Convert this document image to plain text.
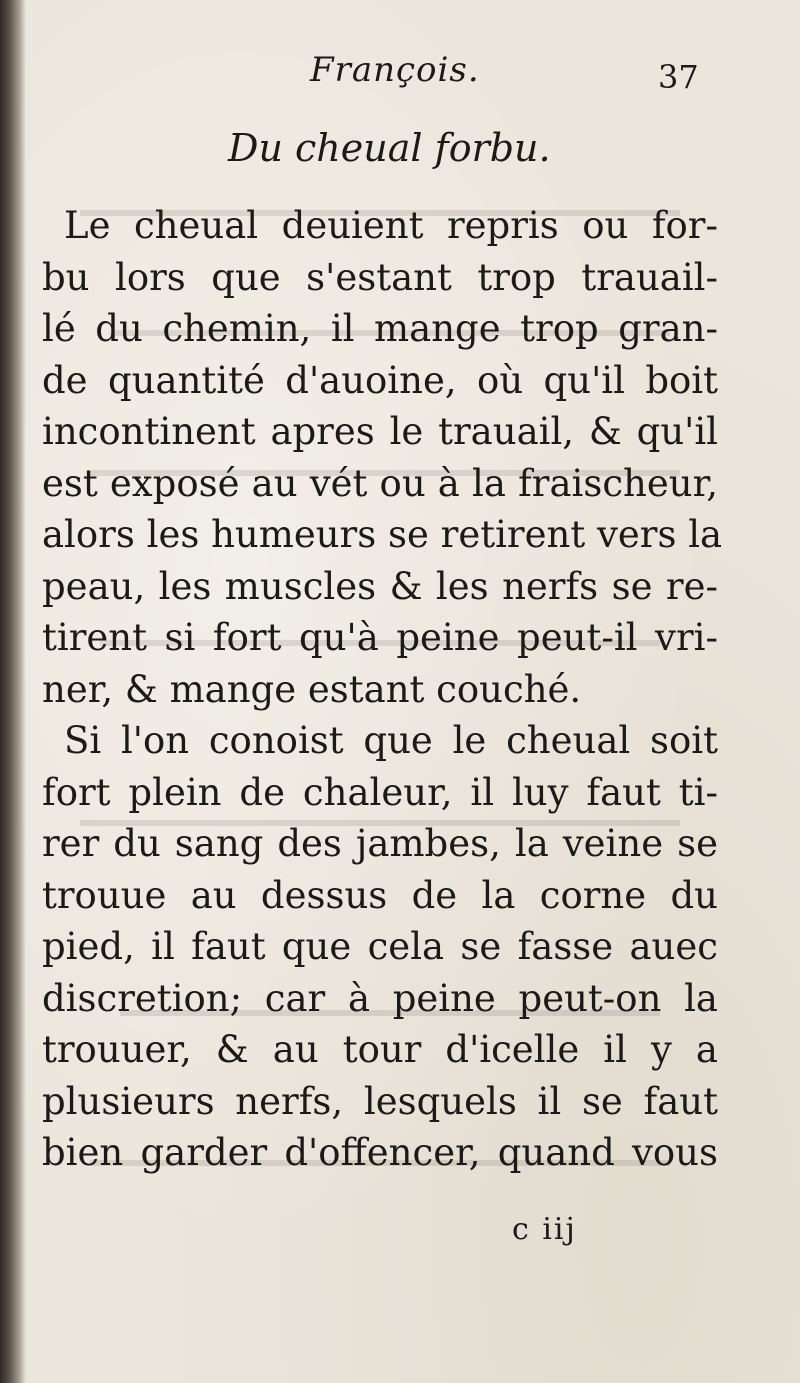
François.	37
Du cheual forbu.
Le cheual deuient repris ou for-
bu lors que s'estant trop trauail-
lé du chemin, il mange trop gran-
de quantité d'auoine, où qu'il boit
incontinent apres le trauail, & qu'il
est exposé au vét ou à la fraischeur,
alors les humeurs se retirent vers la
peau, les muscles & les nerfs se re-
tirent si fort qu'à peine peut-il vri-
ner, & mange estant couché.
Si l'on conoist que le cheual soit
fort plein de chaleur, il luy faut ti-
rer du sang des jambes, la veine se
trouue au dessus de la corne du
pied, il faut que cela se fasse auec
discretion; car à peine peut-on la
trouuer, & au tour d'icelle il y a
plusieurs nerfs, lesquels il se faut
bien garder d'offencer, quand vous
c iij
